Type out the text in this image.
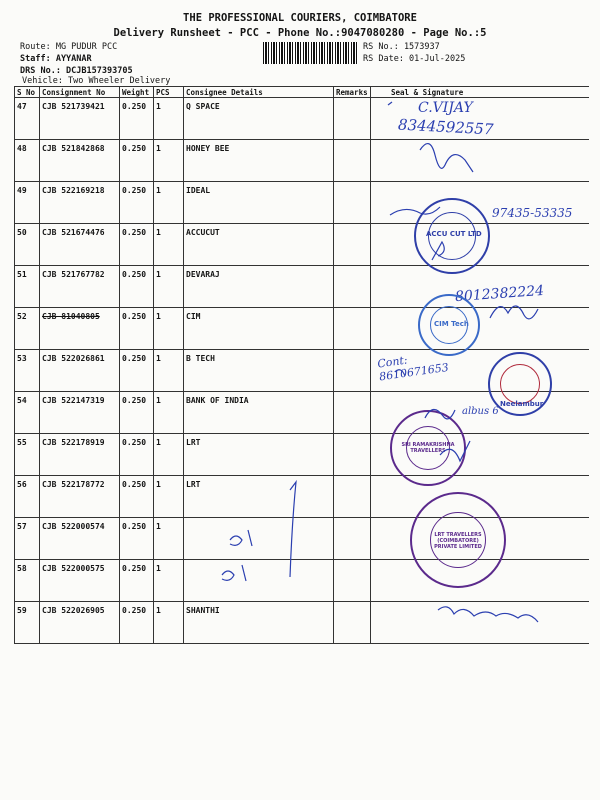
THE PROFESSIONAL COURIERS, COIMBATORE
Delivery Runsheet - PCC - Phone No.:9047080280 - Page No.:5
Route: MG PUDUR PCC
Staff: AYYANAR
DRS No.: DCJB157393705
Vehicle: Two Wheeler Delivery
RS No.: 1573937
RS Date: 01-Jul-2025
S No	Consignment No	Weight	PCS	Consignee Details	Remarks	Seal & Signature
47	CJB 521739421	0.250	1	Q SPACE		
48	CJB 521842868	0.250	1	HONEY BEE		
49	CJB 522169218	0.250	1	IDEAL		
50	CJB 521674476	0.250	1	ACCUCUT		
51	CJB 521767782	0.250	1	DEVARAJ		
52	CJB 81040805	0.250	1	CIM		
53	CJB 522026861	0.250	1	B TECH		
54	CJB 522147319	0.250	1	BANK OF INDIA		
55	CJB 522178919	0.250	1	LRT		
56	CJB 522178772	0.250	1	LRT		
57	CJB 522000574	0.250	1			
58	CJB 522000575	0.250	1			
59	CJB 522026905	0.250	1	SHANTHI		
C.VIJAY
8344592557
97435-53335
8012382224
Cont: 8610671653
albus 6
ACCU CUT LTD
CIM Tech
Neelambur
SRI RAMAKRISHNA TRAVELLERS
LRT TRAVELLERS (COIMBATORE) PRIVATE LIMITED
